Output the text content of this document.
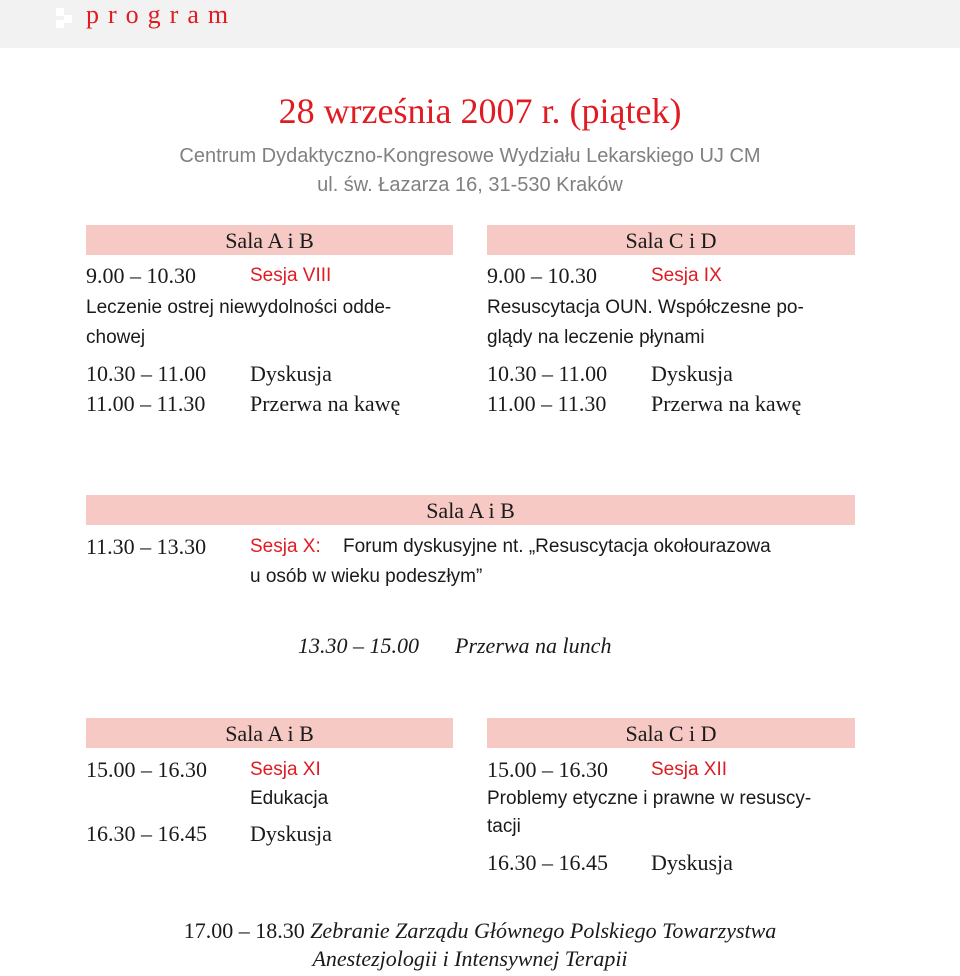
program
28 września 2007 r. (piątek)
Centrum Dydaktyczno-Kongresowe Wydziału Lekarskiego UJ CM
ul. św. Łazarza 16, 31-530 Kraków
Sala A i B
9.00 – 10.30	Sesja VIII
Leczenie ostrej niewydolności odde-
chowej
10.30 – 11.00 Dyskusja
11.00 – 11.30 Przerwa na kawę
Sala C i D
9.00 – 10.30	Sesja IX
Resuscytacja OUN. Współczesne po-
glądy na leczenie płynami
10.30 – 11.00 Dyskusja
11.00 – 11.30 Przerwa na kawę
Sala A i B
11.30 – 13.30 Sesja X: Forum dyskusyjne nt. „Resuscytacja okołourazowa
u osób w wieku podeszłym”
13.30 – 15.00 Przerwa na lunch
Sala A i B
15.00 – 16.30 Sesja XI
Edukacja
16.30 – 16.45 Dyskusja
Sala C i D
15.00 – 16.30 Sesja XII
Problemy etyczne i prawne w resuscy-
tacji
16.30 – 16.45 Dyskusja
17.00 – 18.30 Zebranie Zarządu Głównego Polskiego Towarzystwa
Anestezjologii i Intensywnej Terapii
